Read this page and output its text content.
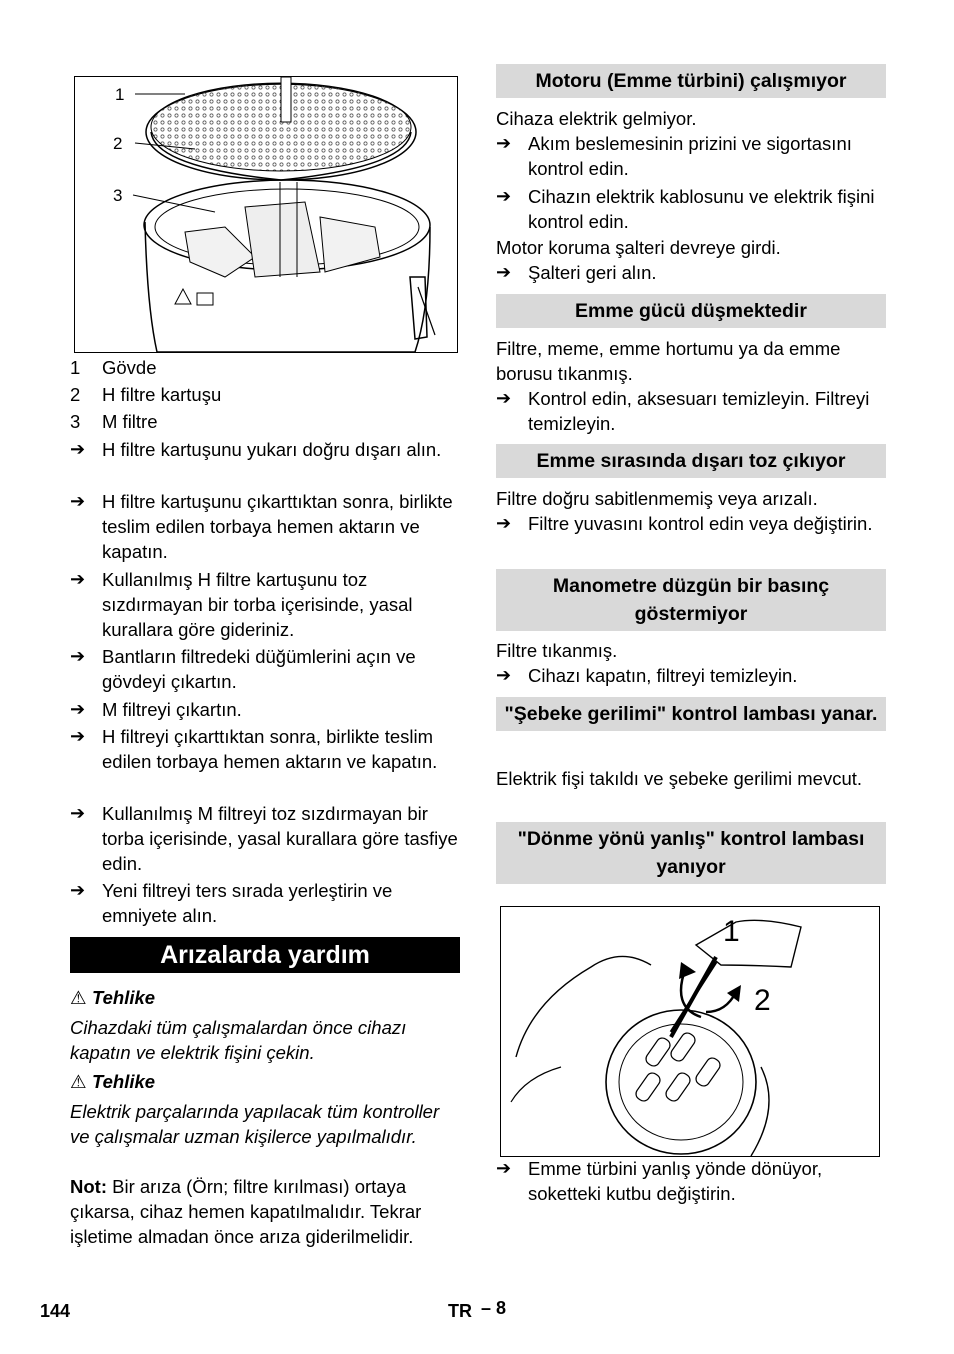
1
2
3
1 Gövde
2 H filtre kartuşu
3 M filtre
➔ H filtre kartuşunu yukarı doğru dışarı alın.
➔ H filtre kartuşunu çıkarttıktan sonra, birlikte teslim edilen torbaya hemen aktarın ve kapatın.
➔ Kullanılmış H filtre kartuşunu toz sızdırmayan bir torba içerisinde, yasal kurallara göre gideriniz.
➔ Bantların filtredeki düğümlerini açın ve gövdeyi çıkartın.
➔ M filtreyi çıkartın.
➔ H filtreyi çıkarttıktan sonra, birlikte teslim edilen torbaya hemen aktarın ve kapatın.
➔ Kullanılmış M filtreyi toz sızdırmayan bir torba içerisinde, yasal kurallara göre tasfiye edin.
➔ Yeni filtreyi ters sırada yerleştirin ve emniyete alın.
Arızalarda yardım
⚠ Tehlike
Cihazdaki tüm çalışmalardan önce cihazı kapatın ve elektrik fişini çekin.
⚠ Tehlike
Elektrik parçalarında yapılacak tüm kontroller ve çalışmalar uzman kişilerce yapılmalıdır.
Not: Bir arıza (Örn; filtre kırılması) ortaya çıkarsa, cihaz hemen kapatılmalıdır. Tekrar işletime almadan önce arıza giderilmelidir.
Motoru (Emme türbini) çalışmıyor
Cihaza elektrik gelmiyor.
➔ Akım beslemesinin prizini ve sigortasını kontrol edin.
➔ Cihazın elektrik kablosunu ve elektrik fişini kontrol edin.
Motor koruma şalteri devreye girdi.
➔ Şalteri geri alın.
Emme gücü düşmektedir
Filtre, meme, emme hortumu ya da emme borusu tıkanmış.
➔ Kontrol edin, aksesuarı temizleyin. Filtreyi temizleyin.
Emme sırasında dışarı toz çıkıyor
Filtre doğru sabitlenmemiş veya arızalı.
➔ Filtre yuvasını kontrol edin veya değiştirin.
Manometre düzgün bir basınç göstermiyor
Filtre tıkanmış.
➔ Cihazı kapatın, filtreyi temizleyin.
"Şebeke gerilimi" kontrol lambası yanar.
Elektrik fişi takıldı ve şebeke gerilimi mevcut.
"Dönme yönü yanlış" kontrol lambası yanıyor
1
2
➔ Emme türbini yanlış yönde dönüyor, soketteki kutbu değiştirin.
144	TR – 8
